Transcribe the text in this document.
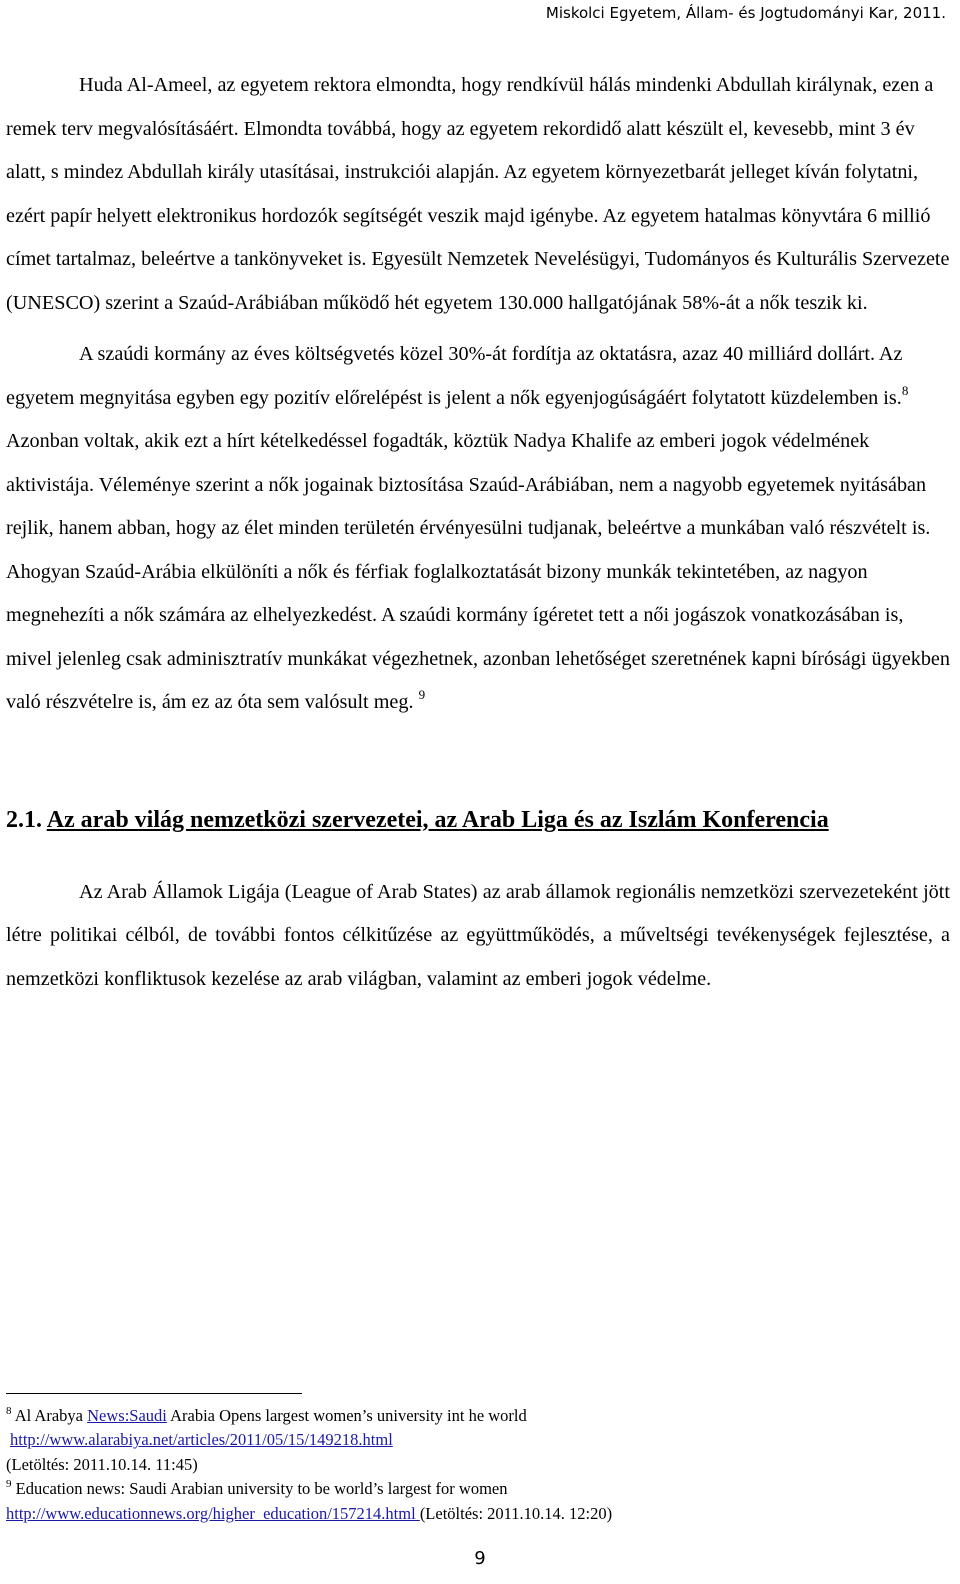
Miskolci Egyetem, Állam- és Jogtudományi Kar, 2011.

Huda Al-Ameel, az egyetem rektora elmondta, hogy rendkívül hálás mindenki Abdullah királynak, ezen a remek terv megvalósításáért. Elmondta továbbá, hogy az egyetem rekordidő alatt készült el, kevesebb, mint 3 év alatt, s mindez Abdullah király utasításai, instrukciói alapján. Az egyetem környezetbarát jelleget kíván folytatni, ezért papír helyett elektronikus hordozók segítségét veszik majd igénybe. Az egyetem hatalmas könyvtára 6 millió címet tartalmaz, beleértve a tankönyveket is. Egyesült Nemzetek Nevelésügyi, Tudományos és Kulturális Szervezete (UNESCO) szerint a Szaúd-Arábiában működő hét egyetem 130.000 hallgatójának 58%-át a nők teszik ki.

A szaúdi kormány az éves költségvetés közel 30%-át fordítja az oktatásra, azaz 40 milliárd dollárt. Az egyetem megnyitása egyben egy pozitív előrelépést is jelent a nők egyenjogúságáért folytatott küzdelemben is.$^8$ Azonban voltak, akik ezt a hírt kételkedéssel fogadták, köztük Nadya Khalife az emberi jogok védelmének aktivistája. Véleménye szerint a nők jogainak biztosítása Szaúd-Arábiában, nem a nagyobb egyetemek nyitásában rejlik, hanem abban, hogy az élet minden területén érvényesülni tudjanak, beleértve a munkában való részvételt is. Ahogyan Szaúd-Arábia elkülöníti a nők és férfiak foglalkoztatását bizony munkák tekintetében, az nagyon megnehezíti a nők számára az elhelyezkedést. A szaúdi kormány ígéretet tett a női jogászok vonatkozásában is, mivel jelenleg csak adminisztratív munkákat végezhetnek, azonban lehetőséget szeretnének kapni bírósági ügyekben való részvételre is, ám ez az óta sem valósult meg. $^9$

2.1. Az arab világ nemzetközi szervezetei, az Arab Liga és az Iszlám Konferencia

Az Arab Államok Ligája (League of Arab States) az arab államok regionális nemzetközi szervezeteként jött létre politikai célból, de további fontos célkitűzése az együttműködés, a műveltségi tevékenységek fejlesztése, a nemzetközi konfliktusok kezelése az arab világban, valamint az emberi jogok védelme.

$^8$ Al Arabya News:Saudi Arabia Opens largest women’s university int he world

http://www.alarabiya.net/articles/2011/05/15/149218.html

(Letöltés: 2011.10.14. 11:45)

$^9$ Education news: Saudi Arabian university to be world’s largest for women

http://www.educationnews.org/higher_education/157214.html (Letöltés: 2011.10.14. 12:20)

9
